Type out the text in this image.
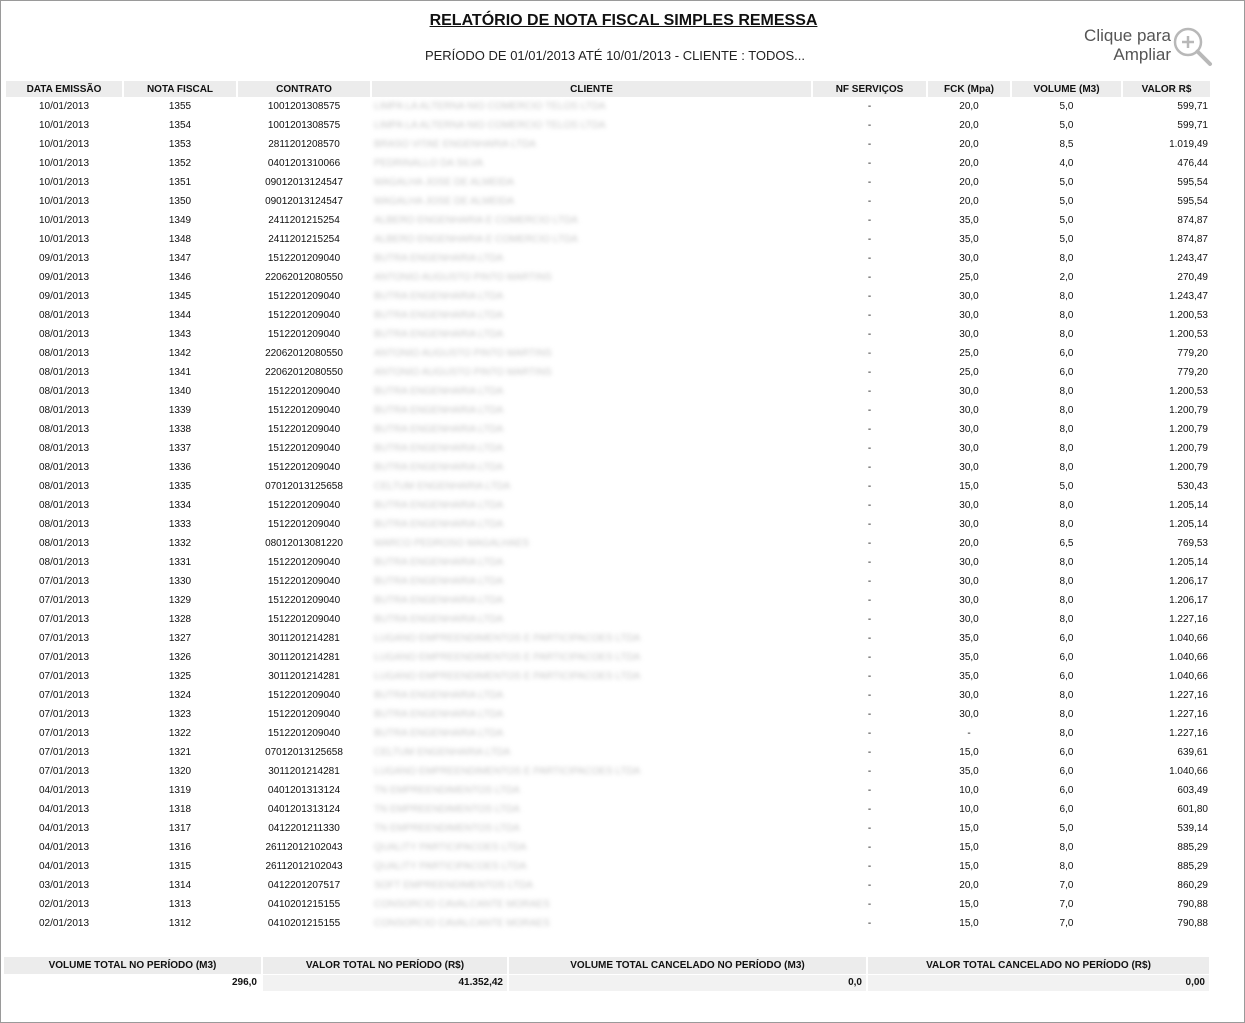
RELATÓRIO DE NOTA FISCAL SIMPLES REMESSA
PERÍODO DE 01/01/2013 ATÉ 10/01/2013 - CLIENTE : TODOS...
Clique para
Ampliar
DATA EMISSÃO	NOTA FISCAL	CONTRATO	CLIENTE	NF SERVIÇOS	FCK (Mpa)	VOLUME (M3)	VALOR R$
10/01/2013	1355	1001201308575	LIMPA LA ALTERNA NIO COMERCIO TELOS LTDA	-	20,0	5,0	599,71
10/01/2013	1354	1001201308575	LIMPA LA ALTERNA NIO COMERCIO TELOS LTDA	-	20,0	5,0	599,71
10/01/2013	1353	2811201208570	BRASO VITAE ENGENHARIA LTDA	-	20,0	8,5	1.019,49
10/01/2013	1352	0401201310066	PEDRINALLO DA SILVA	-	20,0	4,0	476,44
10/01/2013	1351	09012013124547	MAGALHA JOSE DE ALMEIDA	-	20,0	5,0	595,54
10/01/2013	1350	09012013124547	MAGALHA JOSE DE ALMEIDA	-	20,0	5,0	595,54
10/01/2013	1349	2411201215254	ALBERO ENGENHARIA E COMERCIO LTDA	-	35,0	5,0	874,87
10/01/2013	1348	2411201215254	ALBERO ENGENHARIA E COMERCIO LTDA	-	35,0	5,0	874,87
09/01/2013	1347	1512201209040	BUTRA ENGENHARIA LTDA	-	30,0	8,0	1.243,47
09/01/2013	1346	22062012080550	ANTONIO AUGUSTO PINTO MARTINS	-	25,0	2,0	270,49
09/01/2013	1345	1512201209040	BUTRA ENGENHARIA LTDA	-	30,0	8,0	1.243,47
08/01/2013	1344	1512201209040	BUTRA ENGENHARIA LTDA	-	30,0	8,0	1.200,53
08/01/2013	1343	1512201209040	BUTRA ENGENHARIA LTDA	-	30,0	8,0	1.200,53
08/01/2013	1342	22062012080550	ANTONIO AUGUSTO PINTO MARTINS	-	25,0	6,0	779,20
08/01/2013	1341	22062012080550	ANTONIO AUGUSTO PINTO MARTINS	-	25,0	6,0	779,20
08/01/2013	1340	1512201209040	BUTRA ENGENHARIA LTDA	-	30,0	8,0	1.200,53
08/01/2013	1339	1512201209040	BUTRA ENGENHARIA LTDA	-	30,0	8,0	1.200,79
08/01/2013	1338	1512201209040	BUTRA ENGENHARIA LTDA	-	30,0	8,0	1.200,79
08/01/2013	1337	1512201209040	BUTRA ENGENHARIA LTDA	-	30,0	8,0	1.200,79
08/01/2013	1336	1512201209040	BUTRA ENGENHARIA LTDA	-	30,0	8,0	1.200,79
08/01/2013	1335	07012013125658	CELTUM ENGENHARIA LTDA	-	15,0	5,0	530,43
08/01/2013	1334	1512201209040	BUTRA ENGENHARIA LTDA	-	30,0	8,0	1.205,14
08/01/2013	1333	1512201209040	BUTRA ENGENHARIA LTDA	-	30,0	8,0	1.205,14
08/01/2013	1332	08012013081220	MARCO PEDROSO MAGALHAES	-	20,0	6,5	769,53
08/01/2013	1331	1512201209040	BUTRA ENGENHARIA LTDA	-	30,0	8,0	1.205,14
07/01/2013	1330	1512201209040	BUTRA ENGENHARIA LTDA	-	30,0	8,0	1.206,17
07/01/2013	1329	1512201209040	BUTRA ENGENHARIA LTDA	-	30,0	8,0	1.206,17
07/01/2013	1328	1512201209040	BUTRA ENGENHARIA LTDA	-	30,0	8,0	1.227,16
07/01/2013	1327	3011201214281	LUGANO EMPREENDIMENTOS E PARTICIPACOES LTDA	-	35,0	6,0	1.040,66
07/01/2013	1326	3011201214281	LUGANO EMPREENDIMENTOS E PARTICIPACOES LTDA	-	35,0	6,0	1.040,66
07/01/2013	1325	3011201214281	LUGANO EMPREENDIMENTOS E PARTICIPACOES LTDA	-	35,0	6,0	1.040,66
07/01/2013	1324	1512201209040	BUTRA ENGENHARIA LTDA	-	30,0	8,0	1.227,16
07/01/2013	1323	1512201209040	BUTRA ENGENHARIA LTDA	-	30,0	8,0	1.227,16
07/01/2013	1322	1512201209040	BUTRA ENGENHARIA LTDA	-	-	8,0	1.227,16
07/01/2013	1321	07012013125658	CELTUM ENGENHARIA LTDA	-	15,0	6,0	639,61
07/01/2013	1320	3011201214281	LUGANO EMPREENDIMENTOS E PARTICIPACOES LTDA	-	35,0	6,0	1.040,66
04/01/2013	1319	0401201313124	TN EMPREENDIMENTOS LTDA	-	10,0	6,0	603,49
04/01/2013	1318	0401201313124	TN EMPREENDIMENTOS LTDA	-	10,0	6,0	601,80
04/01/2013	1317	0412201211330	TN EMPREENDIMENTOS LTDA	-	15,0	5,0	539,14
04/01/2013	1316	26112012102043	QUALITY PARTICIPACOES LTDA	-	15,0	8,0	885,29
04/01/2013	1315	26112012102043	QUALITY PARTICIPACOES LTDA	-	15,0	8,0	885,29
03/01/2013	1314	0412201207517	SOFT EMPREENDIMENTOS LTDA	-	20,0	7,0	860,29
02/01/2013	1313	0410201215155	CONSORCIO CAVALCANTE MORAES	-	15,0	7,0	790,88
02/01/2013	1312	0410201215155	CONSORCIO CAVALCANTE MORAES	-	15,0	7,0	790,88
VOLUME TOTAL NO PERÍODO (M3)	VALOR TOTAL NO PERÍODO (R$)	VOLUME TOTAL CANCELADO NO PERÍODO (M3)	VALOR TOTAL CANCELADO NO PERÍODO (R$)
296,0	41.352,42	0,0	0,00
